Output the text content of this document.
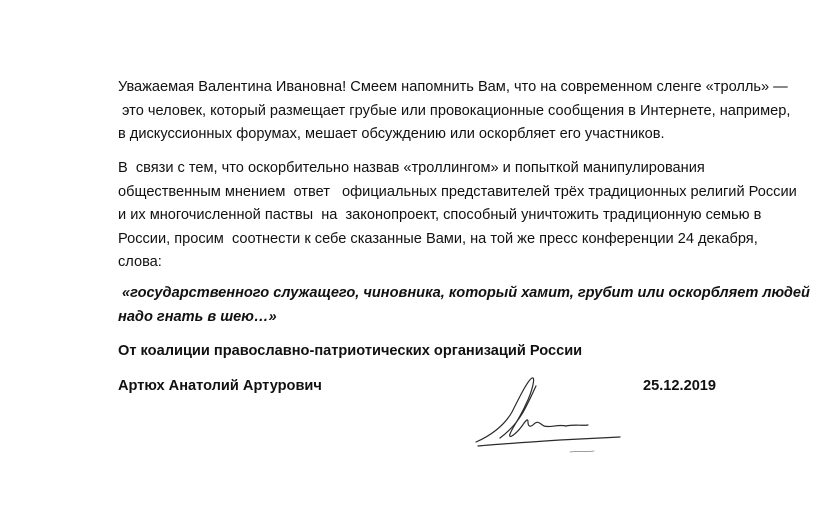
Уважаемая Валентина Ивановна! Смеем напомнить Вам, что на современном сленге «тролль» —
это человек, который размещает грубые или провокационные сообщения в Интернете, например,
в дискуссионных форумах, мешает обсуждению или оскорбляет его участников.
В  связи с тем, что оскорбительно назвав «троллингом» и попыткой манипулирования
общественным мнением  ответ   официальных представителей трёх традиционных религий России
и их многочисленной паствы  на  законопроект, способный уничтожить традиционную семью в
России, просим  соотнести к себе сказанные Вами, на той же пресс конференции 24 декабря,
слова:
«государственного служащего, чиновника, который хамит, грубит или оскорбляет людей
надо гнать в шею…»
От коалиции православно-патриотических организаций России
Артюх Анатолий Артурович	25.12.2019
